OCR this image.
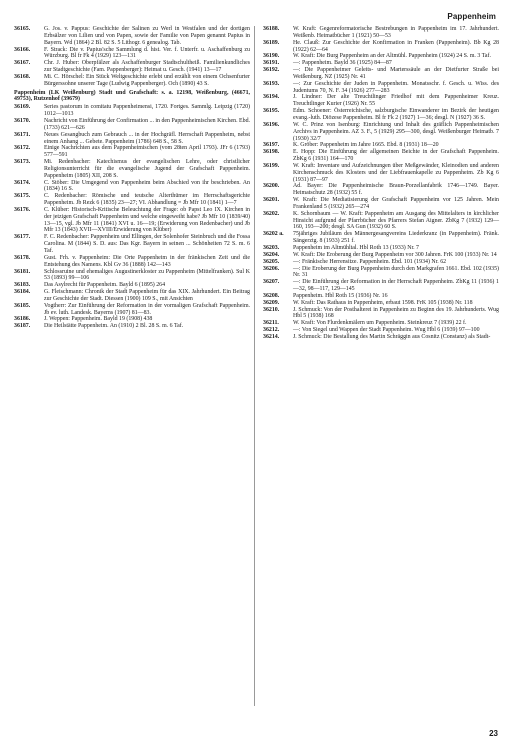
Pappenheim
36165. G. Jos. v. Pappus: Geschichte der Salinen zu Werl in Westfalen und der dortigen Erbsälzer von Lilien und von Papen, sowie der Familie von Papen genannt Papius in Bayern. Wd (1864) 2 Bl. 82 S. 5 Lithogr. 6 genealog. Tab.
36166. F. Strack: Die v. Papius'sche Sammlung d. hist. Ver. f. Unterfr. u. Aschaffenburg zu Würzburg. Bl fr Fk 4 (1929) 123—131
36167. Chr. J. Huber: Oberpfälzer als Aschaffenburger Stadtschultheiß. Familienkundliches zur Stadtgeschichte (Fam. Pappenberger): Heimat u. Gesch. (1941) 13—17
36168. Mi. C. Hörschel: Ein Stück Weltgeschichte erlebt und erzählt von einem Ochsenfurter Bürgerssohne unserer Tage (Ludwig Pappenberger). Och (1890) 43 S.
Pappenheim (LK Weißenburg) Stadt und Grafschaft: s. a. 12198, Weißenburg, (46671, 49753), Rutzenhof (39679)
36169. Series pastorum in comitatu Pappenheimensi, 1720. Fortges. Sammlg. Leipzig (1720) 1012—1013
36170. Nachricht von Einführung der Confirmation ... in den Pappenheimischen Kirchen. Ebd. (1733) 621—626
36171. Neues Gesangbuch zum Gebrauch ... in der Hochgräfl. Herrschaft Pappenheim, nebst einem Anhang ... Gebete. Pappenheim (1786) 648 S., 58 S.
36172. Einige Nachrichten aus dem Pappenheimischen (vom 28ten April 1793). JFr 6 (1793) 577—591
36173. Mi. Redenbacher: Katechismus der evangelischen Lehre, oder christlicher Religionsunterricht für die evangelische Jugend der Grafschaft Pappenheim. Pappenheim (1805) XII, 208 S.
36174. C. Stöber: Die Umgegend von Pappenheim beim Abschied von ihr beschrieben. An (1834) 16 S.
36175. C. Redenbacher: Römische und teutsche Alterthümer im Herrschaftsgerichte Pappenheim. Jb Rezk 6 (1835) 23—27; VI. Abhandlung = Jb Mfr 10 (1841) 1—7
36176. C. Klüber: Historisch-Kritische Beleuchtung der Frage: ob Papst Leo IX. Kirchen in der jetzigen Grafschaft Pappenheim und welche eingeweiht habe? Jb Mfr 10 (1839/40) 13—15, vgl. Jb Mfr 11 (1841) XVI u. 16—19; (Erwiderung von Redenbacher) und Jb Mfr 13 (1843) XVII—XVIII/Erwiderung von Klüber)
36177. F. C. Redenbacher: Pappenheim und Ellingen, der Solenhofer Steinbruch und die Fossa Carolina. M (1844) S. D. aus: Das Kgr. Bayern in seinen ... Schönheiten 72 S. m. 6 Taf.
36178. Gust. Frh. v. Pappenheim: Die Orte Pappenheim in der fränkischen Zeit und die Entstehung des Namens. Kbl Gv 36 (1888) 142—143
36181. Schlossruine und ehemaliges Augustinerkloster zu Pappenheim (Mittelfranken). Sul K 53 (1893) 99—106
36183. Das Asylrecht für Pappenheim. Bayld 6 (1895) 264
36184. G. Fleischmann: Chronik der Stadt Pappenheim für das XIX. Jahrhundert. Ein Beitrag zur Geschichte der Stadt. Diessen (1900) 109 S., mit Ansichten
36185. Vogtherr: Zur Einführung der Reformation in der vormaligen Grafschaft Pappenheim. Jb ev. luth. Landesk. Bayerns (1907) 81—83.
36186. J. Weppen: Pappenheim. Bayld 19 (1908) 438
36187. Die Heilstätte Pappenheim. An (1910) 2 Bl. 28 S. m. 6 Taf.
36188. W. Kraft: Gegenreformatorische Bestrebungen in Pappenheim im 17. Jahrhundert. Weißenb. Heimatbücher 1 (1921) 50—53
36189. He. Clauß: Zur Geschichte der Konfirmation in Franken (Pappenheim). Bb Kg 28 (1922) 62—64
36190. W. Kraft: Die Burg Pappenheim an der Altmühl. Pappenheim (1924) 24 S. m. 3 Taf.
36191. —: Pappenheim. Bayld 36 (1925) 84—87
36192. —: Die Pappenheimer Geleits- und Marterssäule an der Dietfurter Straße bei Weißenburg. NZ (1925) Nr. 41
36193. —: Zur Geschichte der Juden in Pappenheim. Monatsschr. f. Gesch. u. Wiss. des Judentums 70, N. F. 34 (1926) 277—283
36194. J. Lindner: Der alte Treuchtlinger Friedhof mit dem Pappenheimer Kreuz. Treuchtlinger Kurier (1926) Nr. 55
36195. Edm. Schoener: Österreichische, salzburgische Einwanderer im Bezirk der heutigen evang.-luth. Diözese Pappenheim. Bl fr Fk 2 (1927) 1—36; desgl. N (1927) 36 S.
36196. W. C. Prinz von Isenburg: Einrichtung und Inhalt des gräflich Pappenheimischen Archivs in Pappenheim. AZ 3. F., 5 (1929) 295—300, desgl. Weißenburger Heimatb. 7 (1930) 32/7
36197. K. Gröber: Pappenheim im Jahre 1665. Ebd. 8 (1931) 18—20
36198. E. Hopp: Die Einführung der allgemeinen Beichte in der Grafschaft Pappenheim. ZbKg 6 (1931) 164—170
36199. W. Kraft: Inventare und Aufzeichnungen über Meßgewänder, Kleinodien und anderen Kirchenschmuck des Klosters und der Liebfrauenkapelle zu Pappenheim. Zb Kg 6 (1931) 87—97
36200. Ad. Bayer: Die Pappenheimische Braun-Porzellanfabrik 1746—1749. Bayer. Heimatschutz 28 (1932) 55 f.
36201. W. Kraft: Die Mediatisierung der Grafschaft Pappenheim vor 125 Jahren. Mein Frankenland 5 (1932) 265—274
36202. K. Schornbaum — W. Kraft: Pappenheim am Ausgang des Mittelalters in kirchlicher Hinsicht aufgrund der Pfarrbücher des Pfarrers Stefan Aigner. ZbKg 7 (1932) 129—160, 193—200; desgl. SA Gun (1932) 60 S.
36202 a. 75jähriges Jubiläum des Männergesangvereins Liederkranz (in Pappenheim). Fränk. Sängerztg. 8 (1933) 251 f.
36203. Pappenheim im Altmühltal. Hbl Roth 13 (1933) Nr. 7
36204. W. Kraft: Die Eroberung der Burg Pappenheim vor 300 Jahren. FrK 100 (1933) Nr. 14
36205. —: Fränkische Herrensitze. Pappenheim. Ebd. 101 (1934) Nr. 62
36206. —: Die Eroberung der Burg Pappenheim durch den Markgrafen 1661. Ebd. 102 (1935) Nr. 31
36207. —: Die Einführung der Reformation in der Herrschaft Pappenheim. ZbKg 11 (1936) 1—32, 98—117, 129—145
36208. Pappenheim. Hbl Roth 15 (1936) Nr. 16
36209. W. Kraft: Das Rathaus in Pappenheim, erbaut 1598. FrK 105 (1938) Nr. 118
36210. J. Schmuck: Von der Posthalterei in Pappenheim zu Beginn des 19. Jahrhunderts. Wug Hbl 5 (1938) 168
36211. W. Kraft: Von Flurdenkmälern um Pappenheim. Steinkreuz 7 (1939) 22 f.
36212. —: Von Siegel und Wappen der Stadt Pappenheim. Wug Hbl 6 (1939) 97—100
36214. J. Schmuck: Die Bestallung des Martin Schräggin aus Cosnitz (Constanz) als Stadt-
23
